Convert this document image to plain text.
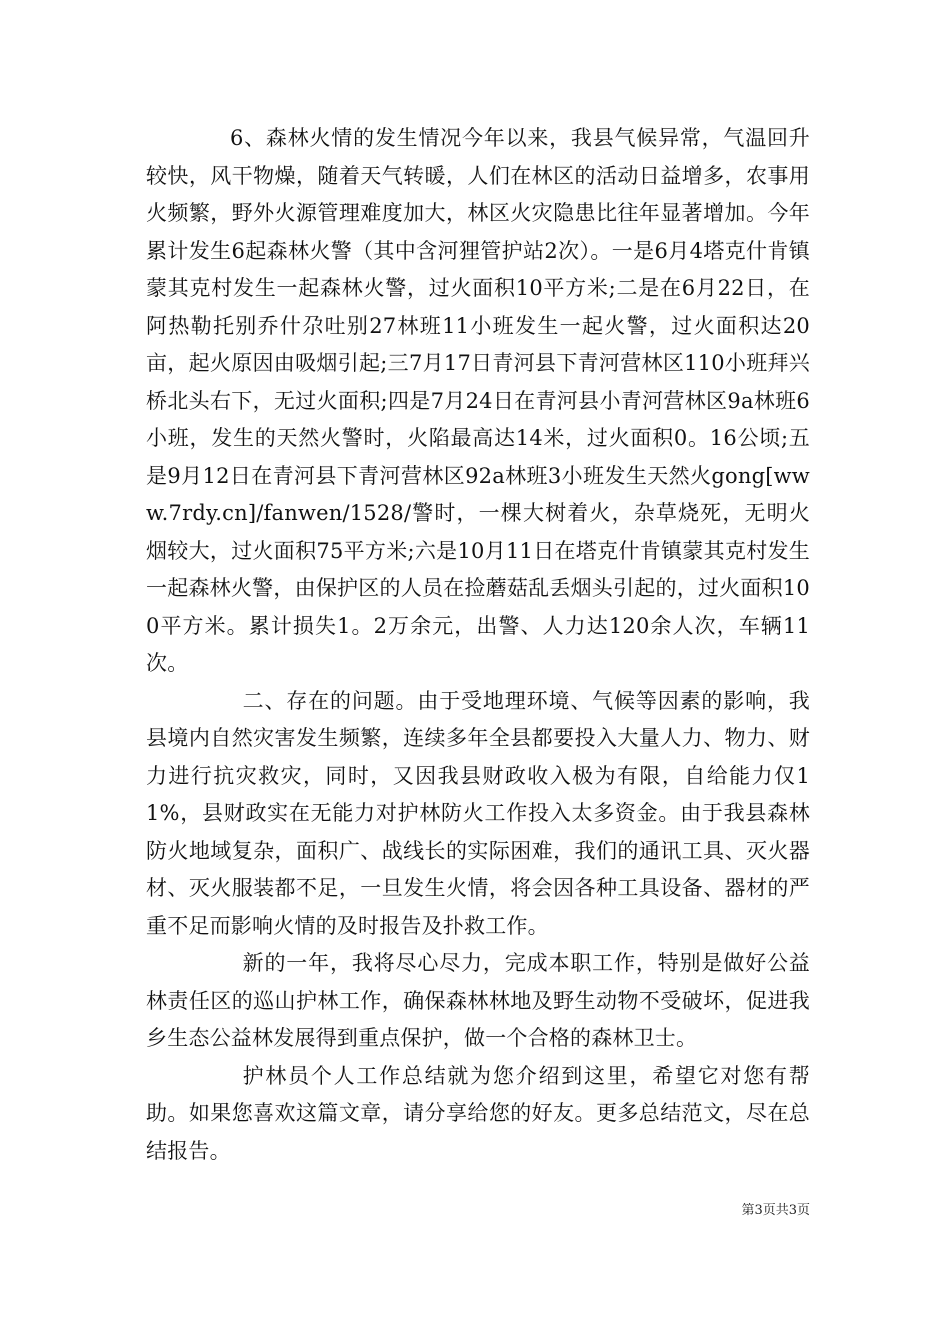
6、森林火情的发生情况今年以来，我县气候异常，气温回升较快，风干物燥，随着天气转暖，人们在林区的活动日益增多，农事用火频繁，野外火源管理难度加大，林区火灾隐患比往年显著增加。今年累计发生6起森林火警（其中含河狸管护站2次）。一是6月4塔克什肯镇蒙其克村发生一起森林火警，过火面积10平方米;二是在6月22日，在阿热勒托别乔什尕吐别27林班11小班发生一起火警，过火面积达20亩，起火原因由吸烟引起;三7月17日青河县下青河营林区110小班拜兴桥北头右下，无过火面积;四是7月24日在青河县小青河营林区9a林班6小班，发生的天然火警时，火陷最高达14米，过火面积0。16公顷;五是9月12日在青河县下青河营林区92a林班3小班发生天然火gong[www.7rdy.cn]/fanwen/1528/警时，一棵大树着火，杂草烧死，无明火烟较大，过火面积75平方米;六是10月11日在塔克什肯镇蒙其克村发生一起森林火警，由保护区的人员在捡蘑菇乱丢烟头引起的，过火面积100平方米。累计损失1。2万余元，出警、人力达120余人次，车辆11次。

二、存在的问题。由于受地理环境、气候等因素的影响，我县境内自然灾害发生频繁，连续多年全县都要投入大量人力、物力、财力进行抗灾救灾，同时，又因我县财政收入极为有限，自给能力仅11%，县财政实在无能力对护林防火工作投入太多资金。由于我县森林防火地域复杂，面积广、战线长的实际困难，我们的通讯工具、灭火器材、灭火服装都不足，一旦发生火情，将会因各种工具设备、器材的严重不足而影响火情的及时报告及扑救工作。

新的一年，我将尽心尽力，完成本职工作，特别是做好公益林责任区的巡山护林工作，确保森林林地及野生动物不受破坏，促进我乡生态公益林发展得到重点保护，做一个合格的森林卫士。

护林员个人工作总结就为您介绍到这里，希望它对您有帮助。如果您喜欢这篇文章，请分享给您的好友。更多总结范文，尽在总结报告。

第3页共3页
